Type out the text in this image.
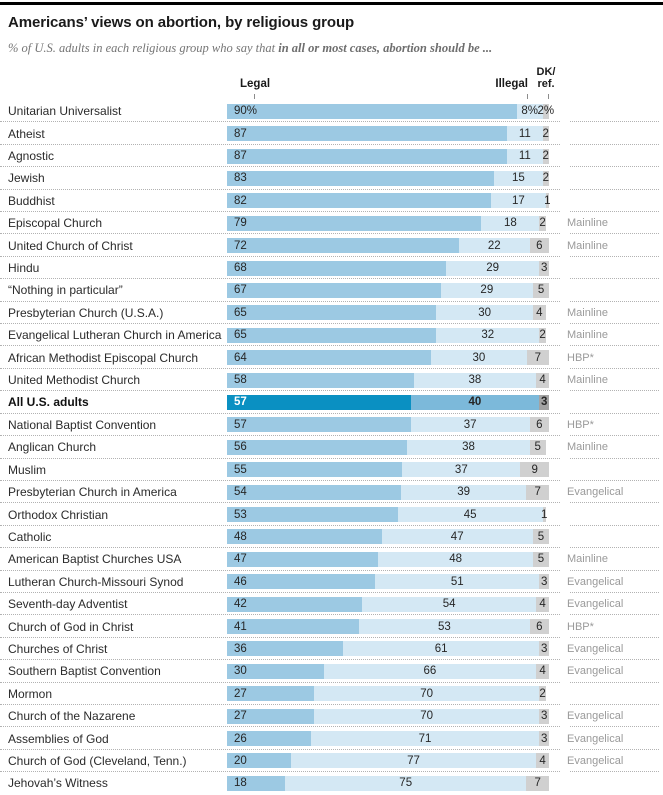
Americans’ views on abortion, by religious group
% of U.S. adults in each religious group who say that in all or most cases, abortion should be ...
Legal	Illegal
DK/
ref.
Unitarian Universalist	90%	8% 2%
Atheist	87	11 2
Agnostic	87	11 2
Jewish	83	15 2
Buddhist	82	17 1
Episcopal Church	79	18 2 Mainline
United Church of Christ	72	22	6 Mainline
Hindu	68	29	3
“Nothing in particular”	67	29	5
Presbyterian Church (U.S.A.)	65	30	4 Mainline
Evangelical Lutheran Church in America	65	32	2 Mainline
African Methodist Episcopal Church	64	30	7 HBP*
United Methodist Church	58	38	4 Mainline
All U.S. adults	57	40	3
National Baptist Convention	57	37	6 HBP*
Anglican Church	56	38	5 Mainline
Muslim	55	37	9
Presbyterian Church in America	54	39	7 Evangelical
Orthodox Christian	53	45	1
Catholic	48	47	5
American Baptist Churches USA	47	48	5 Mainline
Lutheran Church-Missouri Synod	46	51	3 Evangelical
Seventh-day Adventist	42	54	4 Evangelical
Church of God in Christ	41	53	6 HBP*
Churches of Christ	36	61	3 Evangelical
Southern Baptist Convention	30	66	4 Evangelical
Mormon	27	70	2
Church of the Nazarene	27	70	3 Evangelical
Assemblies of God	26	71	3 Evangelical
Church of God (Cleveland, Tenn.)	20	77	4 Evangelical
Jehovah’s Witness	18	75	7
